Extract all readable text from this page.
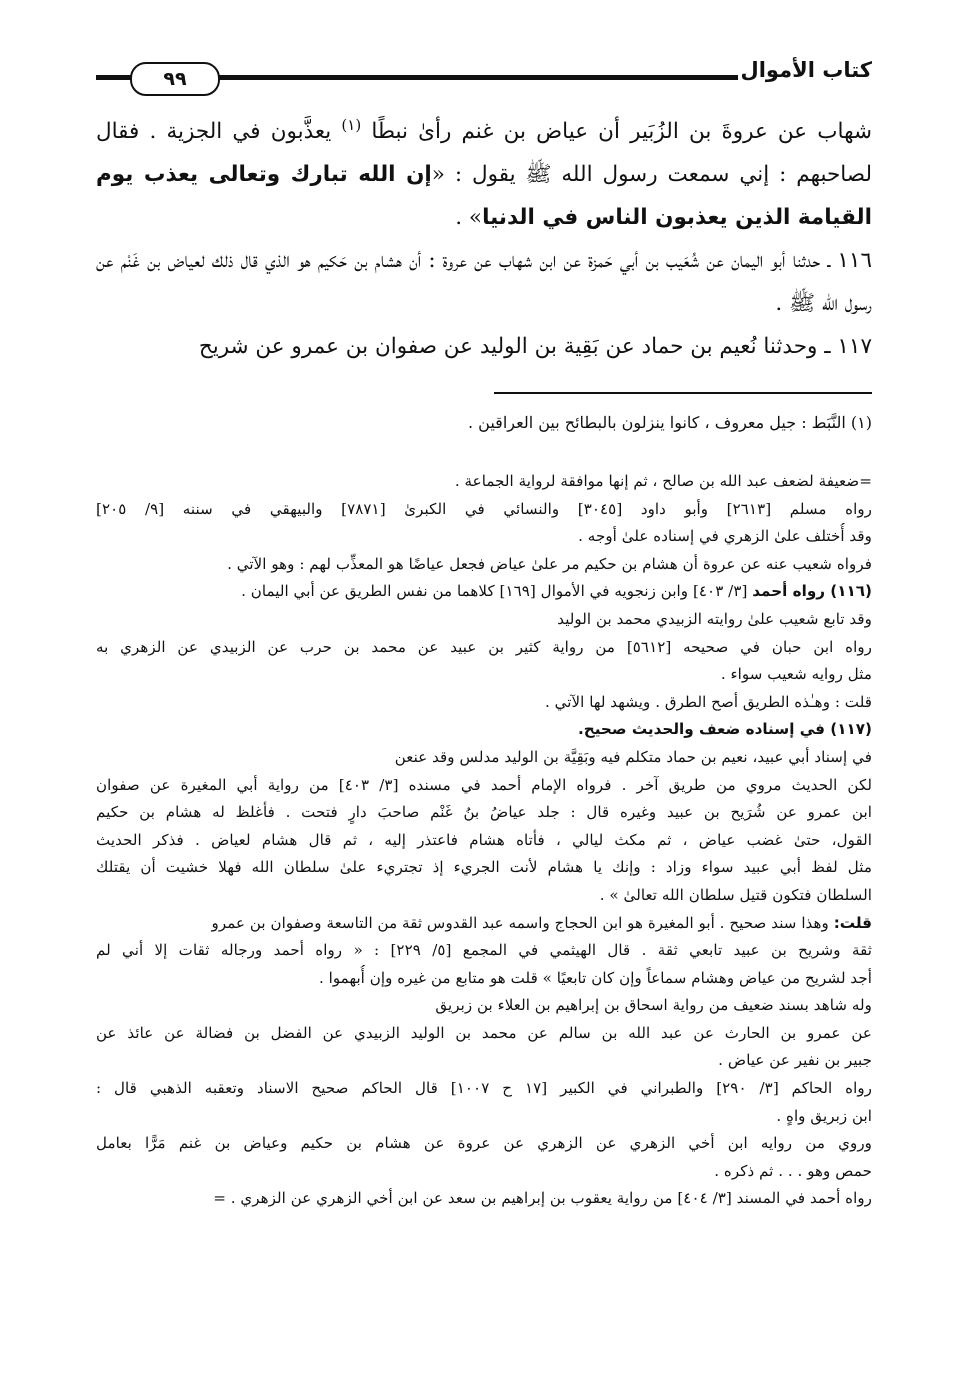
كتاب الأموال
٩٩

شهاب عن عروةَ بن الزُبَير أن عياض بن غنم رأىٰ نبطًا $^{(١)}$ يعذَّبون في الجزية . فقال لصاحبهم : إني سمعت رسول الله ﷺ يقول : «إن الله تبارك وتعالى يعذب يوم القيامة الذين يعذبون الناس في الدنيا» .

١١٦ ـ حدثنا أبو اليمان عن شُعَيب بن أبي حَمزة عن ابن شهاب عن عروة : أن هشام بن حَكيم هو الذي قال ذلك لعياض بن غَنْم عن رسول الله ﷺ .

١١٧ ـ وحدثنا نُعيم بن حماد عن بَقِية بن الوليد عن صفوان بن عمرو عن شريح

(١) النَّبَط : جيل معروف ، كانوا ينزلون بالبطائح بين العراقين .

=ضعيفة لضعف عبد الله بن صالح ، ثم إنها موافقة لرواية الجماعة .

رواه مسلم [٢٦١٣] وأبو داود [٣٠٤٥] والنسائي في الكبرىٰ [٧٨٧١] والبيهقي في سننه [٩/ ٢٠٥]

وقد أُختلف علىٰ الزهري في إسناده علىٰ أوجه .

فرواه شعيب عنه عن عروة أن هشام بن حكيم مر علىٰ عياض فجعل عياضًا هو المعذِّب لهم : وهو الآتي .

(١١٦) رواه أحمد [٣/ ٤٠٣] وابن زنجويه في الأموال [١٦٩] كلاهما من نفس الطريق عن أبي اليمان .

وقد تابع شعيب علىٰ روايته الزبيدي محمد بن الوليد

رواه ابن حبان في صحيحه [٥٦١٢] من رواية كثير بن عبيد عن محمد بن حرب عن الزبيدي عن الزهري به

مثل روايه شعيب سواء .

قلت : وهـٰذه الطريق أصح الطرق . ويشهد لها الآتي .

(١١٧) في إسناده ضعف والحديث صحيح.

في إسناد أبي عبيد، نعيم بن حماد متكلم فيه وبَقِيَّة بن الوليد مدلس وقد عنعن

لكن الحديث مروي من طريق آخر . فرواه الإمام أحمد في مسنده [٣/ ٤٠٣] من رواية أبي المغيرة عن صفوان

ابن عمرو عن شُرَيح بن عبيد وغيره قال : جلد عياضُ بنُ غَنْم صاحبَ دارٍ فتحت . فأغلظ له هشام بن حكيم

القول، حتىٰ غضب عياض ، ثم مكث ليالي ، فأتاه هشام فاعتذر إليه ، ثم قال هشام لعياض . فذكر الحديث

مثل لفظ أبي عبيد سواء وزاد : وإنك يا هشام لأنت الجريء إذ تجتريء علىٰ سلطان الله فهلا خشيت أن يقتلك

السلطان فتكون قتيل سلطان الله تعالىٰ » .

قلت: وهذا سند صحيح . أبو المغيرة هو ابن الحجاج واسمه عبد القدوس ثقة من التاسعة وصفوان بن عمرو

ثقة وشريح بن عبيد تابعي ثقة . قال الهيثمي في المجمع [٥/ ٢٢٩] : « رواه أحمد ورجاله ثقات إلا أني لم

أجد لشريح من عياض وهشام سماعاً وإن كان تابعيًا » قلت هو متابع من غيره وإن أُبهموا .

وله شاهد بسند ضعيف من رواية اسحاق بن إبراهيم بن العلاء بن زبريق

عن عمرو بن الحارث عن عبد الله بن سالم عن محمد بن الوليد الزبيدي عن الفضل بن فضالة عن عائذ عن

جبير بن نفير عن عياض .

رواه الحاكم [٣/ ٢٩٠] والطبراني في الكبير [١٧ ح ١٠٠٧] قال الحاكم صحيح الاسناد وتعقبه الذهبي قال :

ابن زبريق واهٍ .

وروي من روايه ابن أخي الزهري عن الزهري عن عروة عن هشام بن حكيم وعياض بن غنم مَرًّا بعامل

حمص وهو . . . ثم ذكره .

رواه أحمد في المسند [٣/ ٤٠٤] من رواية يعقوب بن إبراهيم بن سعد عن ابن أخي الزهري عن الزهري . =
